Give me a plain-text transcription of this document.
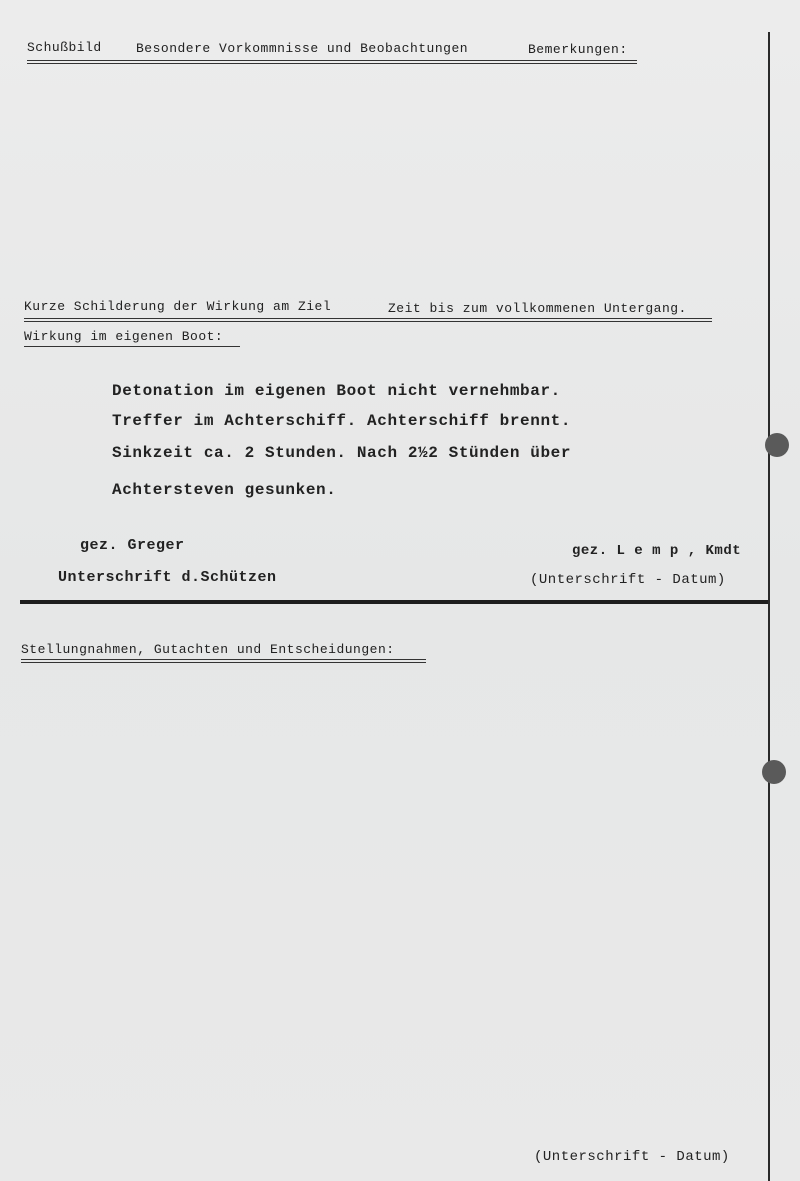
Schußbild	Besondere Vorkommnisse und Beobachtungen	Bemerkungen:
Kurze Schilderung der Wirkung am Ziel	Zeit bis zum vollkommenen Untergang.
Wirkung im eigenen Boot:
Detonation im eigenen Boot nicht vernehmbar.
Treffer im Achterschiff. Achterschiff brennt.
Sinkzeit ca. 2 Stunden. Nach 2½2 Stünden über
Achtersteven gesunken.
gez. Greger
Unterschrift d.Schützen
gez. L e m p , Kmdt
(Unterschrift - Datum)
Stellungnahmen, Gutachten und Entscheidungen:
(Unterschrift - Datum)
